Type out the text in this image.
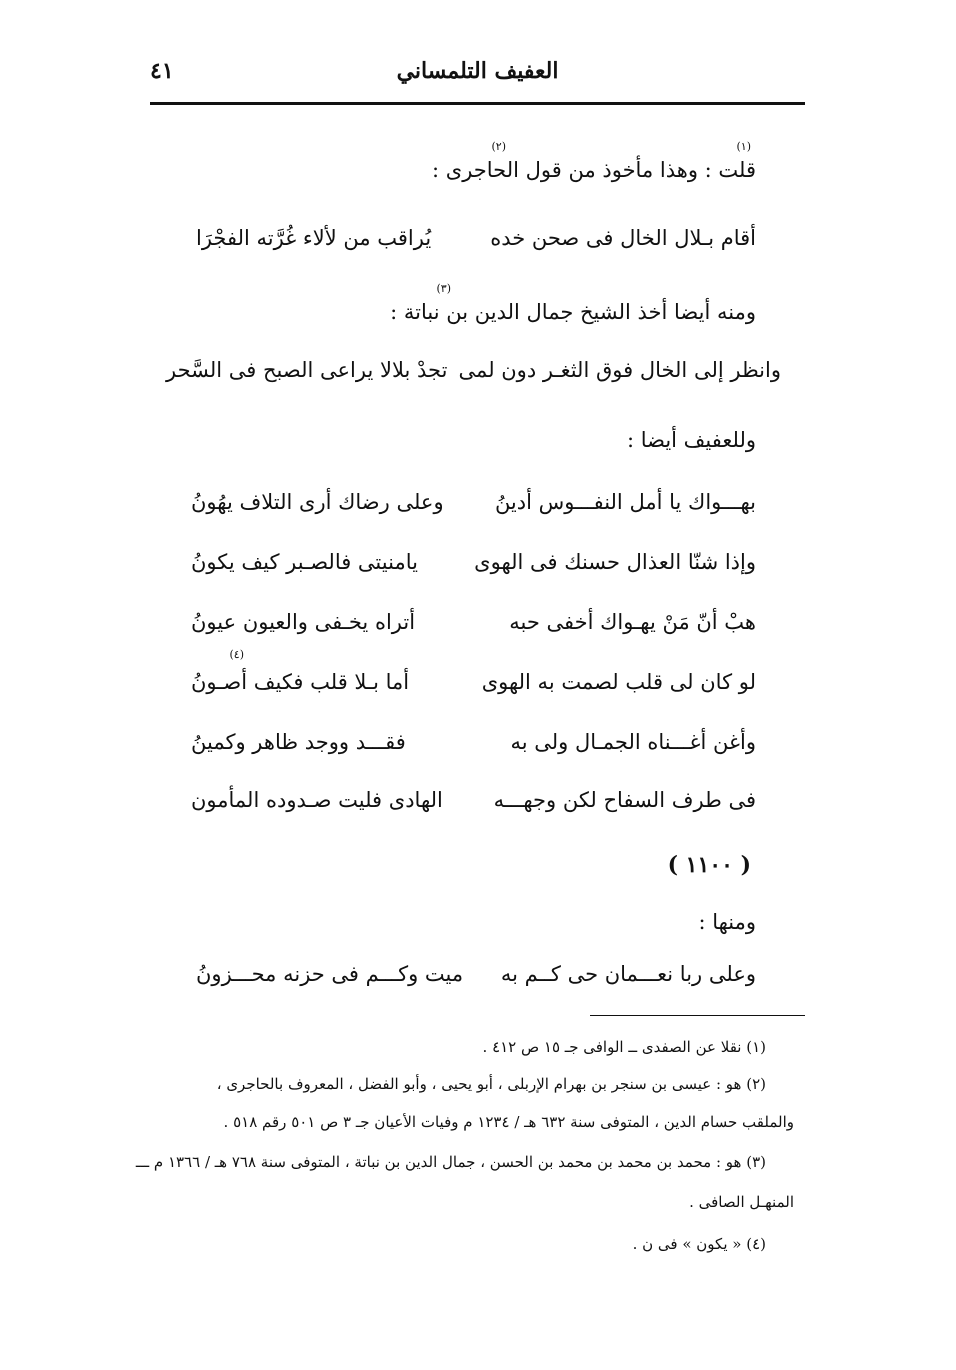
العفيف التلمساني
٤١
قلت : وهذا مأخوذ من قول الحاجرى :
(١)
(٢)
أقام بـلال الخال فى صحن خده
يُراقب من لألاء غُرَّته الفجْرَا
ومنه أيضا أخذ الشيخ جمال الدين بن نباتة :
(٣)
وانظر إلى الخال فوق الثغـر دون لمى
تجدْ بلالا يراعى الصبح فى السَّحر
وللعفيف أيضا :
بهـــواك يا أمل النفـــوس أدينُ
وعلى رضاك أرى التلاف يهُونُ
وإذا شنّا العذال حسنك فى الهوى
يامنيتى فالصـبر كيف يكونُ
هبْ أنّ مَنْ يهـواك أخفى حبه
أتراه يخـفى والعيون عيونُ
لو كان لى قلب لصمت به الهوى
أما بـلا قلب فكيف أصـونُ
(٤)
وأغن أغـــناه الجمـال ولى به
فقـــد ووجد ظاهر وكمينُ
فى طرف السفاح لكن وجهـــه
الهادى فليت صـدوده المأمون
( ١١٠٠ )
ومنها :
وعلى ربا نعـــمان حى كــم به
ميت وكـــم فى حزنه محـــزونُ
(١) نقلا عن الصفدى ــ الوافى جـ ١٥ ص ٤١٢ .
(٢) هو : عيسى بن سنجر بن بهرام الإربلى ، أبو يحيى ، وأبو الفضل ، المعروف بالحاجرى ،
والملقب حسام الدين ، المتوفى سنة ٦٣٢ هـ / ١٢٣٤ م وفيات الأعيان جـ ٣ ص ٥٠١ رقم ٥١٨ .
(٣) هو : محمد بن محمد بن محمد بن الحسن ، جمال الدين بن نباتة ، المتوفى سنة ٧٦٨ هـ / ١٣٦٦ م ـــ
المنهـل الصافى .
(٤) « يكون » فى ن .
